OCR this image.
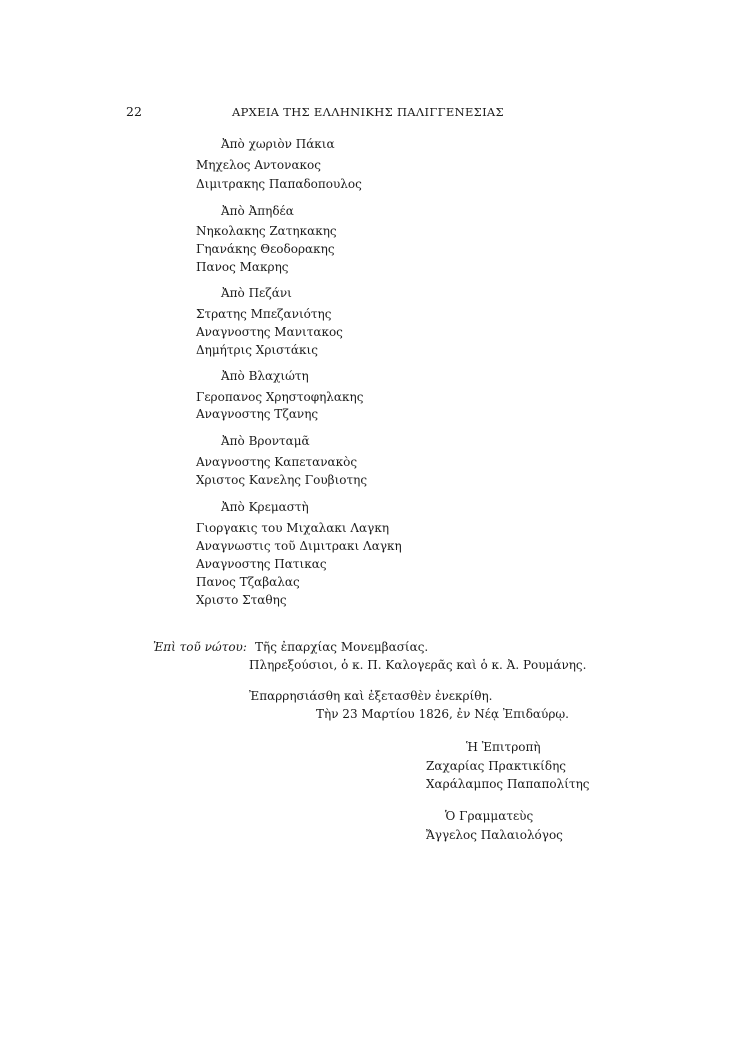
22	ΑΡΧΕΙΑ ΤΗΣ ΕΛΛΗΝΙΚΗΣ ΠΑΛΙΓΓΕΝΕΣΙΑΣ
Ἀπὸ χωριὸν Πάκια
Μηχελος Αντονακος
Διμιτρακης Παπαδοπουλος
Ἀπὸ Ἀπηδέα
Νηκολακης Ζατηκακης
Γηανάκης Θεοδορακης
Πανος Μακρης
Ἀπὸ Πεζάνι
Στρατης Μπεζανιότης
Αναγνοστης Μανιτακος
Δημήτρις Χριστάκις
Ἀπὸ Βλαχιώτη
Γεροπανος Χρηστοφηλακης
Αναγνοστης Τζανης
Ἀπὸ Βρονταμᾶ
Αναγνοστης Καπετανακὸς
Χριστος Κανελης Γουβιοτης
Ἀπὸ Κρεμαστὴ
Γιοργακις του Μιχαλακι Λαγκη
Αναγνωστις τοῦ Διμιτρακι Λαγκη
Αναγνοστης Πατικας
Πανος Τζαβαλας
Χριστο Σταθης
Ἐπὶ τοῦ νώτου: Τῆς ἐπαρχίας Μονεμβασίας.
Πληρεξούσιοι, ὁ κ. Π. Καλογερᾶς καὶ ὁ κ. Ἀ. Ρουμάνης.
Ἐπαρρησιάσθη καὶ ἐξετασθὲν ἐνεκρίθη.
Τὴν 23 Μαρτίου 1826, ἐν Νέᾳ Ἐπιδαύρῳ.
Ἡ Ἐπιτροπὴ
Ζαχαρίας Πρακτικίδης
Χαράλαμπος Παπαπολίτης
Ὁ Γραμματεὺς
Ἄγγελος Παλαιολόγος
